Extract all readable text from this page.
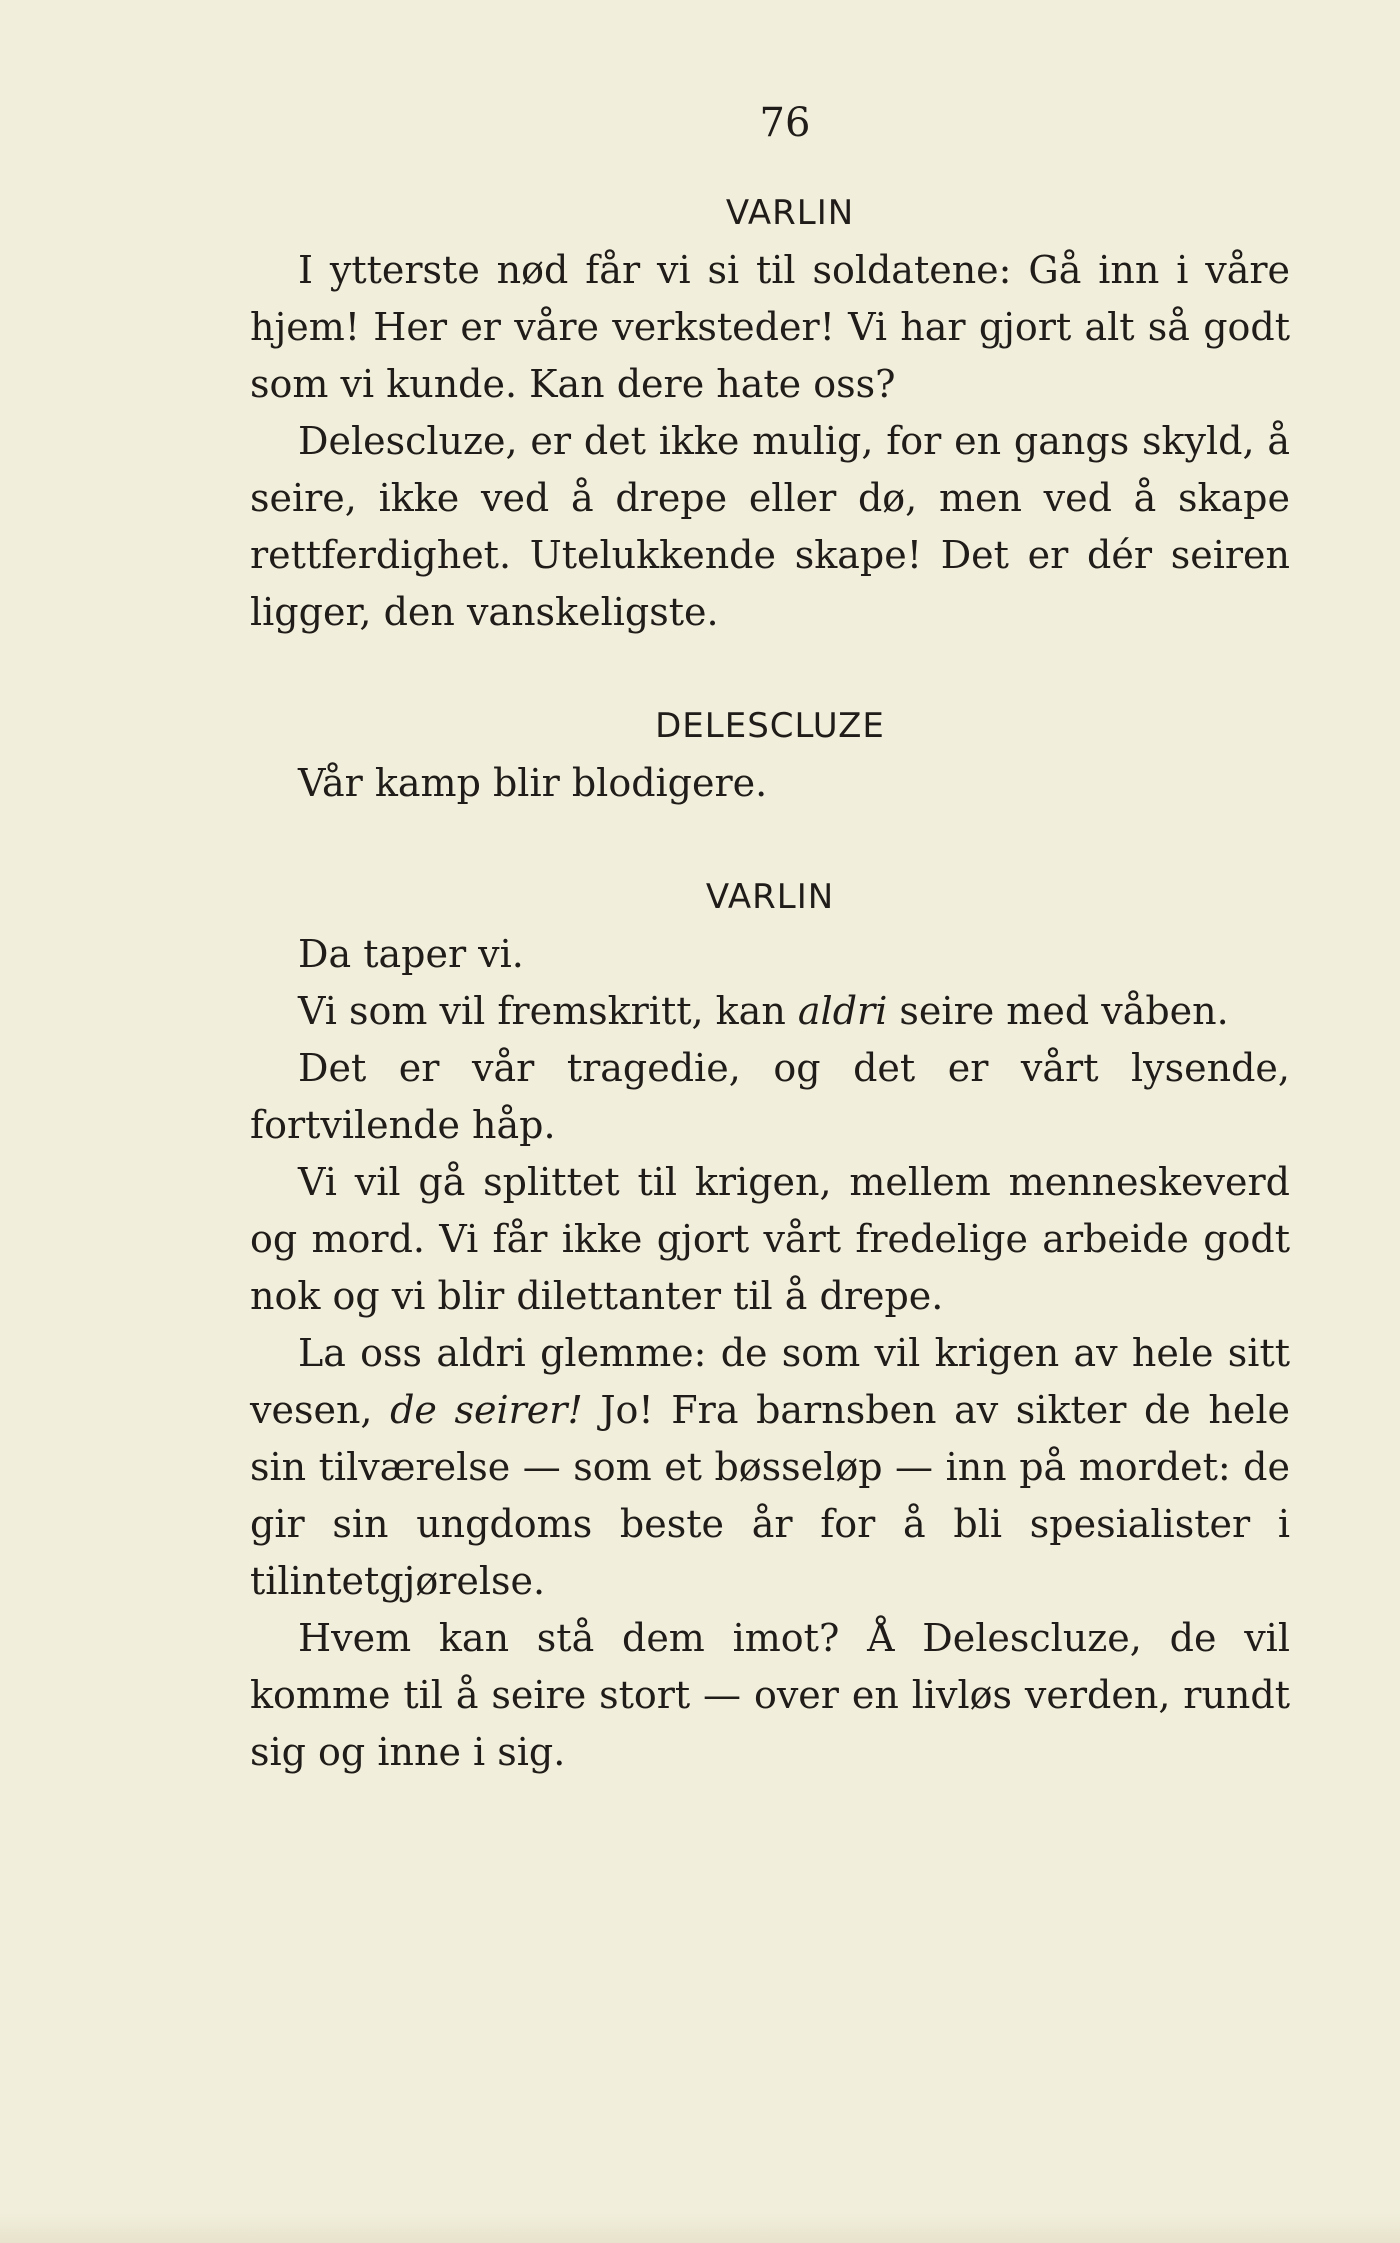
76
VARLIN

I ytterste nød får vi si til soldatene: Gå inn i våre hjem! Her er våre verksteder! Vi har gjort alt så godt som vi kunde. Kan dere hate oss?

Delescluze, er det ikke mulig, for en gangs skyld, å seire, ikke ved å drepe eller dø, men ved å skape rettferdighet. Utelukkende skape! Det er dér seiren ligger, den vanskeligste.

DELESCLUZE

Vår kamp blir blodigere.

VARLIN

Da taper vi.

Vi som vil fremskritt, kan aldri seire med våben.

Det er vår tragedie, og det er vårt lysende, fortvilende håp.

Vi vil gå splittet til krigen, mellem menneskeverd og mord. Vi får ikke gjort vårt fredelige arbeide godt nok og vi blir dilettanter til å drepe.

La oss aldri glemme: de som vil krigen av hele sitt vesen, de seirer! Jo! Fra barnsben av sikter de hele sin tilværelse — som et bøsseløp — inn på mordet: de gir sin ungdoms beste år for å bli spesialister i tilintetgjørelse.

Hvem kan stå dem imot? Å Delescluze, de vil komme til å seire stort — over en livløs verden, rundt sig og inne i sig.
